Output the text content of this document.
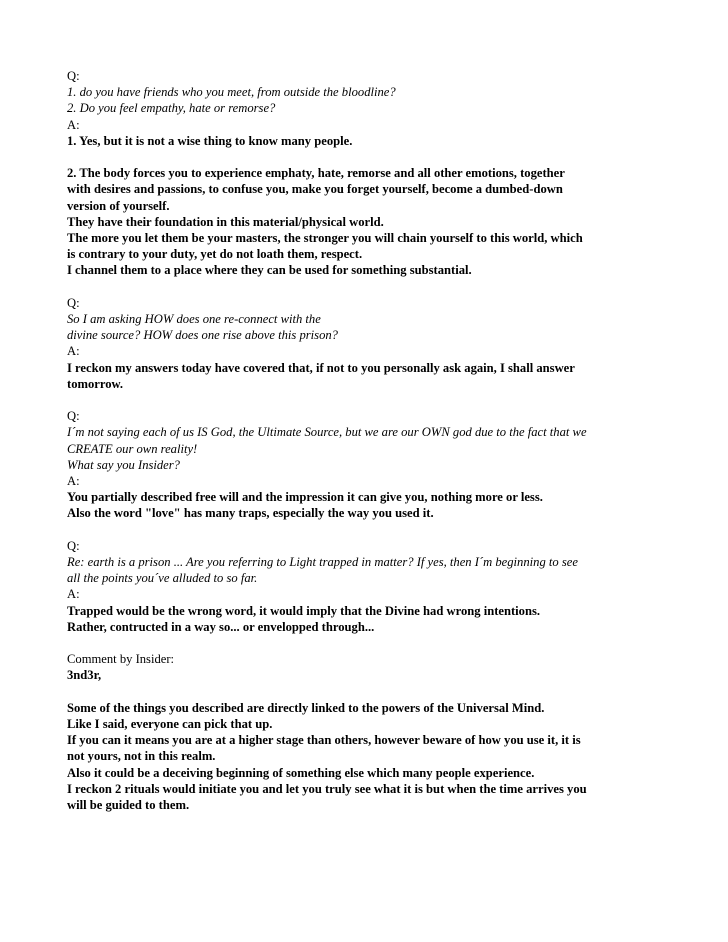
Q:
1. do you have friends who you meet, from outside the bloodline?
2. Do you feel empathy, hate or remorse?
A:
1. Yes, but it is not a wise thing to know many people.
2. The body forces you to experience emphaty, hate, remorse and all other emotions, together
with desires and passions, to confuse you, make you forget yourself, become a dumbed-down
version of yourself.
They have their foundation in this material/physical world.
The more you let them be your masters, the stronger you will chain yourself to this world, which
is contrary to your duty, yet do not loath them, respect.
I channel them to a place where they can be used for something substantial.
Q:
So I am asking HOW does one re-connect with the
divine source? HOW does one rise above this prison?
A:
I reckon my answers today have covered that, if not to you personally ask again, I shall answer
tomorrow.
Q:
I´m not saying each of us IS God, the Ultimate Source, but we are our OWN god due to the fact that we
CREATE our own reality!
What say you Insider?
A:
You partially described free will and the impression it can give you, nothing more or less.
Also the word "love" has many traps, especially the way you used it.
Q:
Re: earth is a prison ... Are you referring to Light trapped in matter? If yes, then I´m beginning to see
all the points you´ve alluded to so far.
A:
Trapped would be the wrong word, it would imply that the Divine had wrong intentions.
Rather, contructed in a way so... or envelopped through...
Comment by Insider:
3nd3r,
Some of the things you described are directly linked to the powers of the Universal Mind.
Like I said, everyone can pick that up.
If you can it means you are at a higher stage than others, however beware of how you use it, it is
not yours, not in this realm.
Also it could be a deceiving beginning of something else which many people experience.
I reckon 2 rituals would initiate you and let you truly see what it is but when the time arrives you
will be guided to them.
